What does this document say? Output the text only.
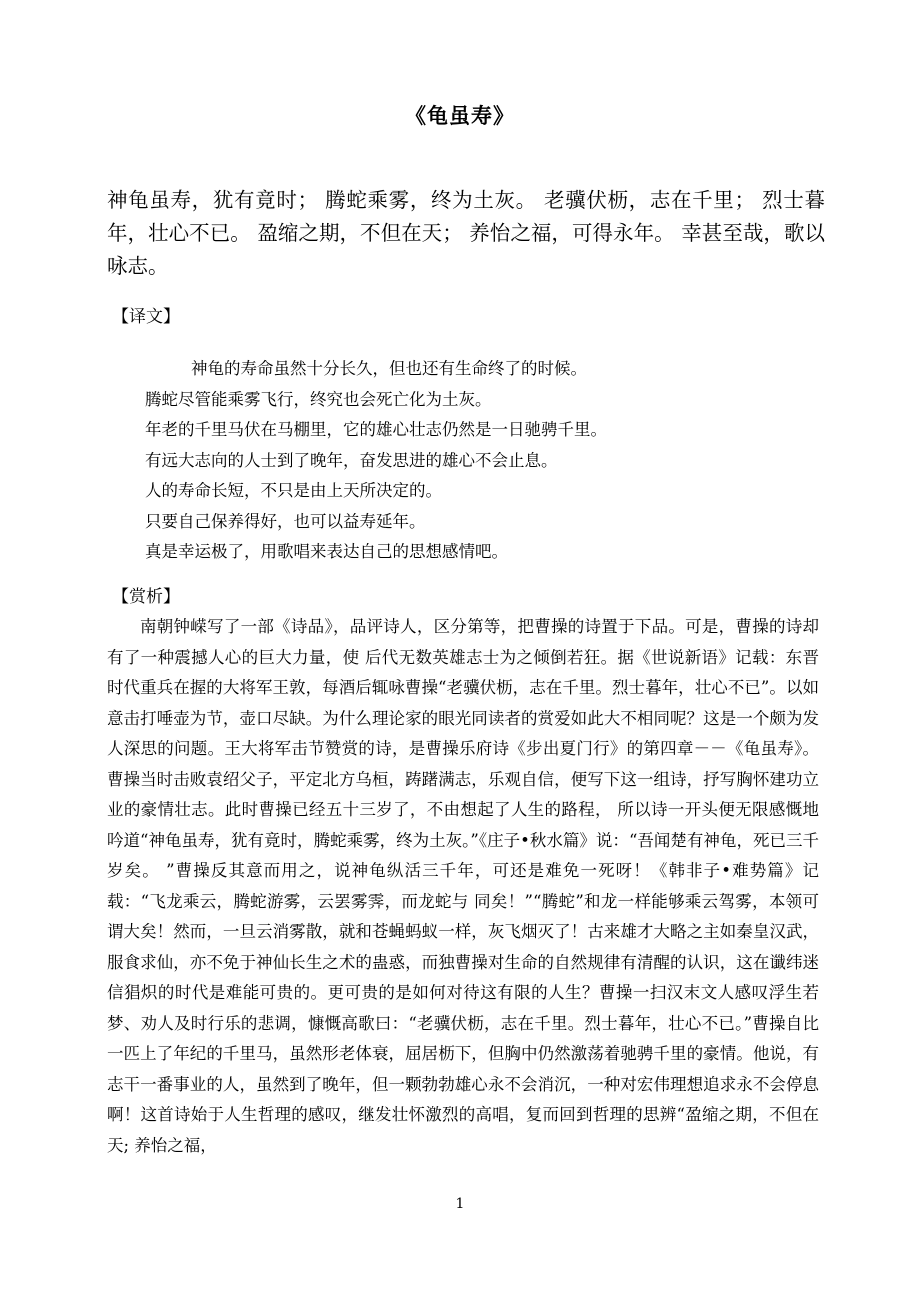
《龟虽寿》

神龟虽寿，犹有竟时； 腾蛇乘雾，终为土灰。 老骥伏枥，志在千里； 烈士暮年，壮心不已。 盈缩之期，不但在天； 养怡之福，可得永年。 幸甚至哉，歌以咏志。

【译文】
神龟的寿命虽然十分长久，但也还有生命终了的时候。
腾蛇尽管能乘雾飞行，终究也会死亡化为土灰。
年老的千里马伏在马棚里，它的雄心壮志仍然是一日驰骋千里。
有远大志向的人士到了晚年，奋发思进的雄心不会止息。
人的寿命长短，不只是由上天所决定的。
只要自己保养得好，也可以益寿延年。
真是幸运极了，用歌唱来表达自己的思想感情吧。
【赏析】

南朝钟嵘写了一部《诗品》，品评诗人，区分第等，把曹操的诗置于下品。可是，曹操的诗却有了一种震撼人心的巨大力量，使 后代无数英雄志士为之倾倒若狂。据《世说新语》记载：东晋时代重兵在握的大将军王敦，每酒后辄咏曹操“老骥伏枥，志在千里。烈士暮年，壮心不已”。以如意击打唾壶为节，壶口尽缺。为什么理论家的眼光同读者的赏爱如此大不相同呢？这是一个颇为发人深思的问题。王大将军击节赞赏的诗，是曹操乐府诗《步出夏门行》的第四章－－《龟虽寿》。曹操当时击败袁绍父子，平定北方乌桓，踌躇满志，乐观自信，便写下这一组诗，抒写胸怀建功立业的豪情壮志。此时曹操已经五十三岁了，不由想起了人生的路程， 所以诗一开头便无限感慨地吟道“神龟虽寿，犹有竟时，腾蛇乘雾，终为土灰。”《庄子•秋水篇》说：“吾闻楚有神龟，死已三千岁矣。 ”曹操反其意而用之，说神龟纵活三千年，可还是难免一死呀！《韩非子•难势篇》记载：“飞龙乘云，腾蛇游雾，云罢雾霁，而龙蛇与 同矣！”“腾蛇”和龙一样能够乘云驾雾，本领可谓大矣！然而，一旦云消雾散，就和苍蝇蚂蚁一样，灰飞烟灭了！古来雄才大略之主如秦皇汉武，服食求仙，亦不免于神仙长生之术的蛊惑，而独曹操对生命的自然规律有清醒的认识，这在谶纬迷信猖炽的时代是难能可贵的。更可贵的是如何对待这有限的人生？曹操一扫汉末文人感叹浮生若梦、劝人及时行乐的悲调，慷慨高歌曰：“老骥伏枥，志在千里。烈士暮年，壮心不已。”曹操自比一匹上了年纪的千里马，虽然形老体衰，屈居枥下，但胸中仍然激荡着驰骋千里的豪情。他说，有志干一番事业的人，虽然到了晚年，但一颗勃勃雄心永不会消沉，一种对宏伟理想追求永不会停息啊！这首诗始于人生哲理的感叹，继发壮怀激烈的高唱，复而回到哲理的思辨“盈缩之期，不但在天; 养怡之福，

1
